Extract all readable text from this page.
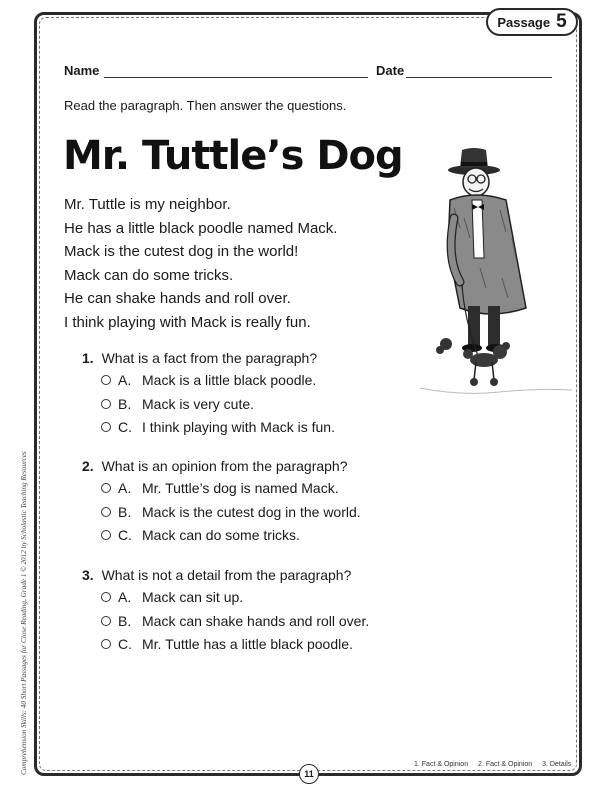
Passage 5
Name	Date
Read the paragraph. Then answer the questions.
Mr. Tuttle’s Dog
Mr. Tuttle is my neighbor.
He has a little black poodle named Mack.
Mack is the cutest dog in the world!
Mack can do some tricks.
He can shake hands and roll over.
I think playing with Mack is really fun.
1. What is a fact from the paragraph?
A. Mack is a little black poodle.
B. Mack is very cute.
C. I think playing with Mack is fun.
2. What is an opinion from the paragraph?
A. Mr. Tuttle’s dog is named Mack.
B. Mack is the cutest dog in the world.
C. Mack can do some tricks.
3. What is not a detail from the paragraph?
A. Mack can sit up.
B. Mack can shake hands and roll over.
C. Mr. Tuttle has a little black poodle.
Comprehension Skills: 40 Short Passages for Close Reading, Grade 1 © 2012 by Scholastic Teaching Resources	1. Fact & Opinion 2. Fact & Opinion 3. Details
11
